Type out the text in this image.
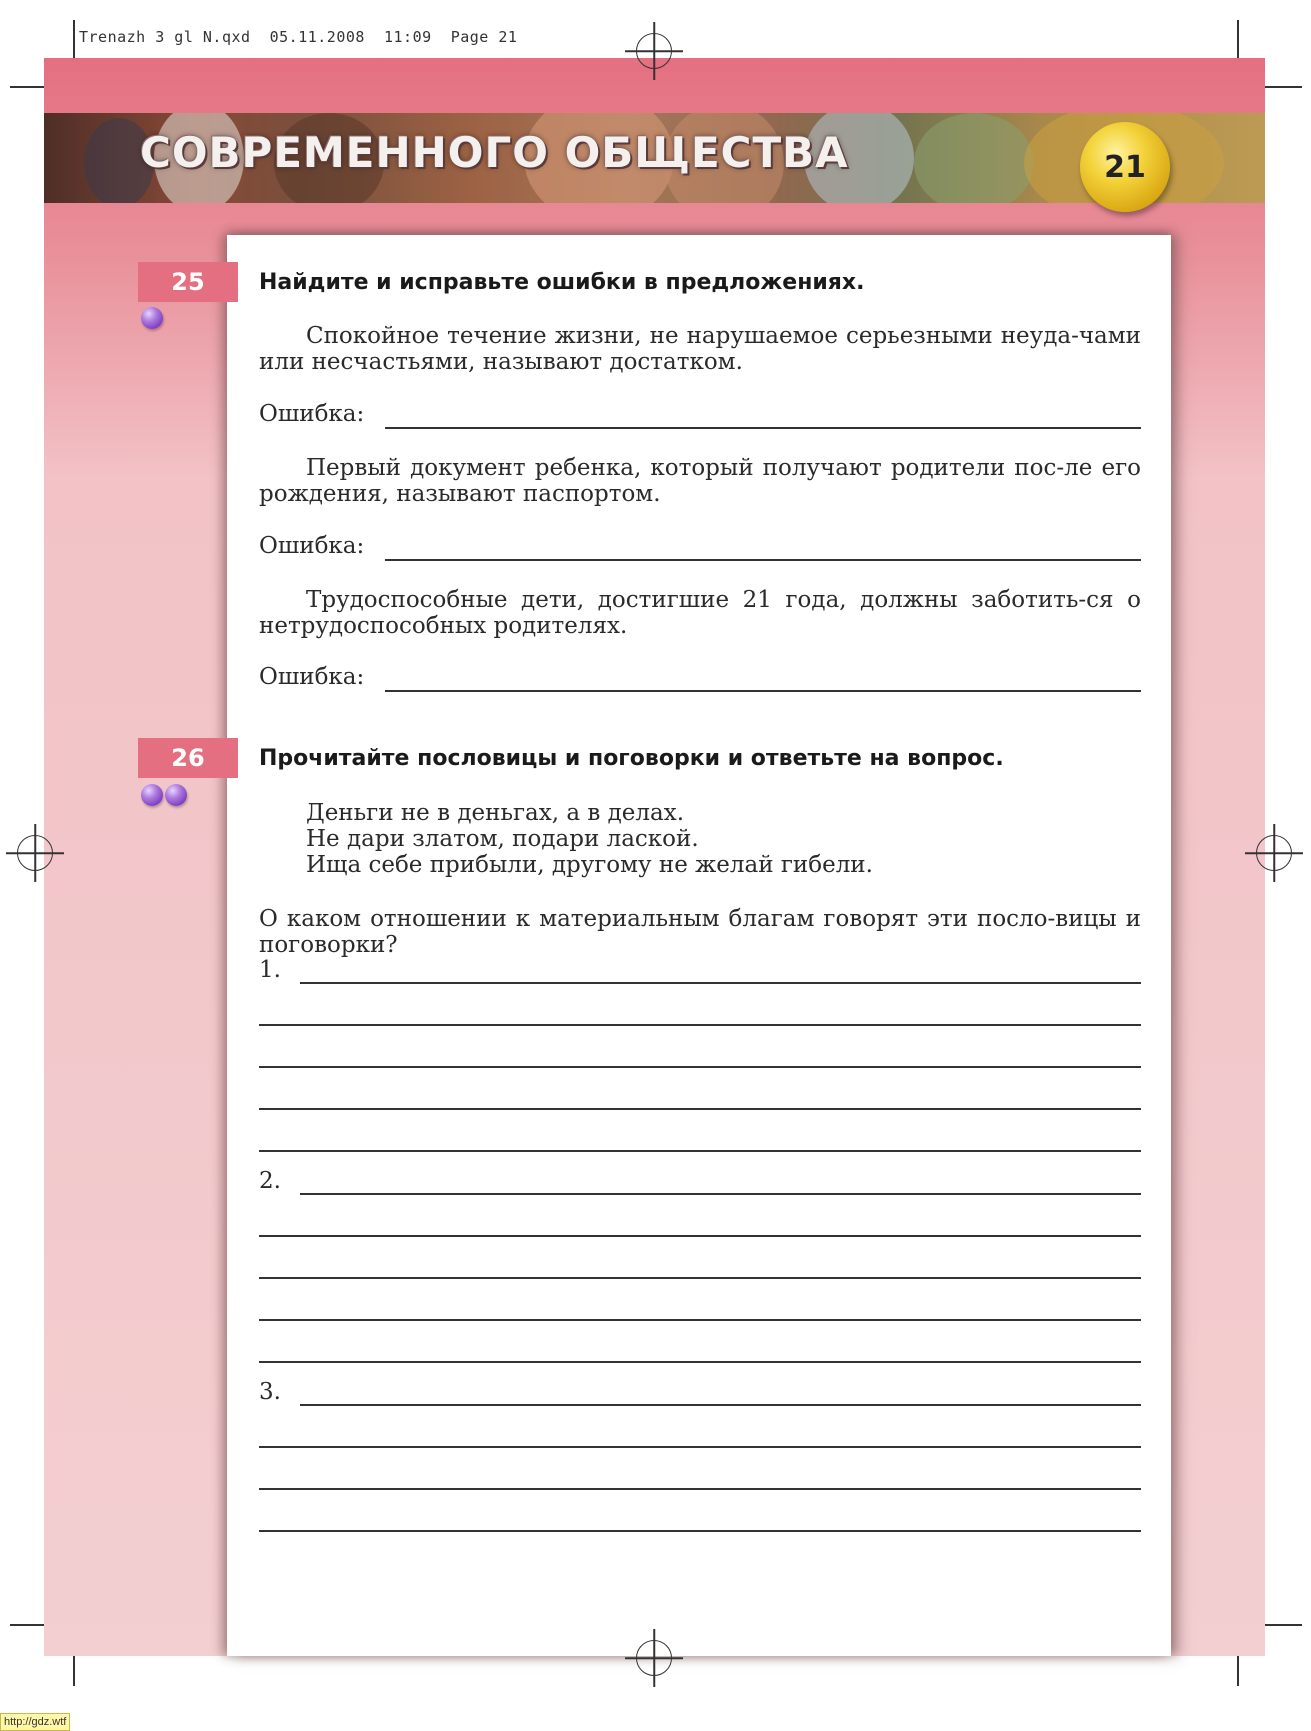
Trenazh 3 gl N.qxd  05.11.2008  11:09  Page 21
СОВРЕМЕННОГО ОБЩЕСТВА	21
25	Найдите и исправьте ошибки в предложениях.
Спокойное течение жизни, не нарушаемое серьезными неуда-чами или несчастьями, называют достатком.
Ошибка:
Первый документ ребенка, который получают родители пос-ле его рождения, называют паспортом.
Ошибка:
Трудоспособные дети, достигшие 21 года, должны заботить-ся о нетрудоспособных родителях.
Ошибка:
26	Прочитайте пословицы и поговорки и ответьте на вопрос.
Деньги не в деньгах, а в делах.
Не дари златом, подари лаской.
Ища себе прибыли, другому не желай гибели.
О каком отношении к материальным благам говорят эти посло-вицы и поговорки?
1.
2.
3.
http://gdz.wtf
